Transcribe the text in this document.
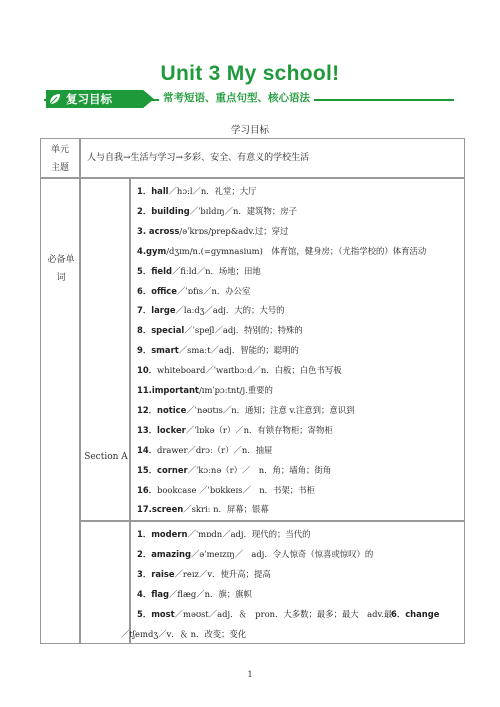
Unit 3 My school!
复习目标	常考短语、重点句型、核心语法
学习目标
单元
主题
人与自我→生活与学习→多彩、安全、有意义的学校生活
必备单
词
Section A
1．hall／hɔ:l／n．礼堂；大厅
2．building／ˈbɪldɪŋ／n．建筑物；房子
3. across/əˈkrɒs/prep&adv.过；穿过
4.gym/dʒɪm/n.(=gymnasium)　体育馆，健身房；（尤指学校的）体育活动
5．field／fiːld／n．场地；田地
6．office／ˈɒfɪs／n．办公室
7．large／laːdʒ／adj．大的；大号的
8．special／ˈspeʃl／adj．特别的；特殊的
9．smart／smaːt／adj．智能的；聪明的
10．whiteboard／ˈwaɪtbɔːd／n．白板；白色书写板
11.important/ɪmˈpɔːtnt/j.重要的
12．notice／ˈnəʊtɪs／n．通知；注意 v.注意到；意识到
13．locker／ˈlɒkə（r）／n．有锁存物柜；寄物柜
14．drawer／drɔː（r）／n．抽屉
15．corner／ˈkɔːnə（r）／　n．角；墙角；街角
16．bookcase ／ˈbʊkkeɪs／　n．书架；书柜
17.screen／skriː n．屏幕；银幕
1．modern／ˈmɒdn／adj．现代的；当代的
2．amazing／əˈmeɪzɪŋ／　adj．令人惊奇（惊喜或惊叹）的
3．raise／reɪz／v．使升高；提高
4．flag／flæg／n．旗；旗帜
5．most／məʊst／adj．＆　pron．大多数；最多；最大　adv.最
6．change
／tʃeɪndʒ／v．＆ n．改变；变化
1
